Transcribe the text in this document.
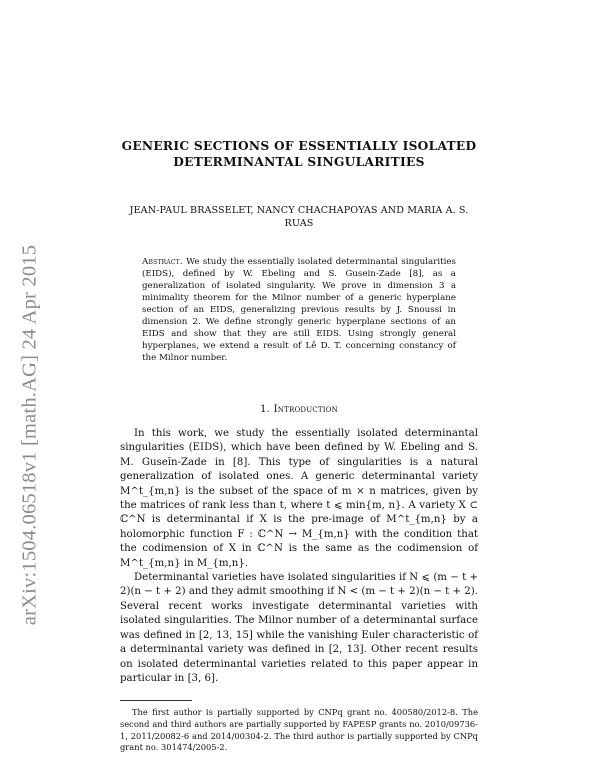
arXiv:1504.06518v1 [math.AG] 24 Apr 2015
GENERIC SECTIONS OF ESSENTIALLY ISOLATED DETERMINANTAL SINGULARITIES
JEAN-PAUL BRASSELET, NANCY CHACHAPOYAS AND MARIA A. S. RUAS
Abstract. We study the essentially isolated determinantal singularities (EIDS), defined by W. Ebeling and S. Gusein-Zade [8], as a generalization of isolated singularity. We prove in dimension 3 a minimality theorem for the Milnor number of a generic hyperplane section of an EIDS, generalizing previous results by J. Snoussi in dimension 2. We define strongly generic hyperplane sections of an EIDS and show that they are still EIDS. Using strongly general hyperplanes, we extend a result of Lê D. T. concerning constancy of the Milnor number.
1. Introduction

In this work, we study the essentially isolated determinantal singularities (EIDS), which have been defined by W. Ebeling and S. M. Guseĭn-Zade in [8]. This type of singularities is a natural generalization of isolated ones. A generic determinantal variety M^t_{m,n} is the subset of the space of m × n matrices, given by the matrices of rank less than t, where t ⩽ min{m, n}. A variety X ⊂ ℂ^N is determinantal if X is the pre-image of M^t_{m,n} by a holomorphic function F : ℂ^N → M_{m,n} with the condition that the codimension of X in ℂ^N is the same as the codimension of M^t_{m,n} in M_{m,n}.

Determinantal varieties have isolated singularities if N ⩽ (m − t + 2)(n − t + 2) and they admit smoothing if N < (m − t + 2)(n − t + 2). Several recent works investigate determinantal varieties with isolated singularities. The Milnor number of a determinantal surface was defined in [2, 13, 15] while the vanishing Euler characteristic of a determinantal variety was defined in [2, 13]. Other recent results on isolated determinantal varieties related to this paper appear in particular in [3, 6].

The first author is partially supported by CNPq grant no. 400580/2012-8. The second and third authors are partially supported by FAPESP grants no. 2010/09736-1, 2011/20082-6 and 2014/00304-2. The third author is partially supported by CNPq grant no. 301474/2005-2.
